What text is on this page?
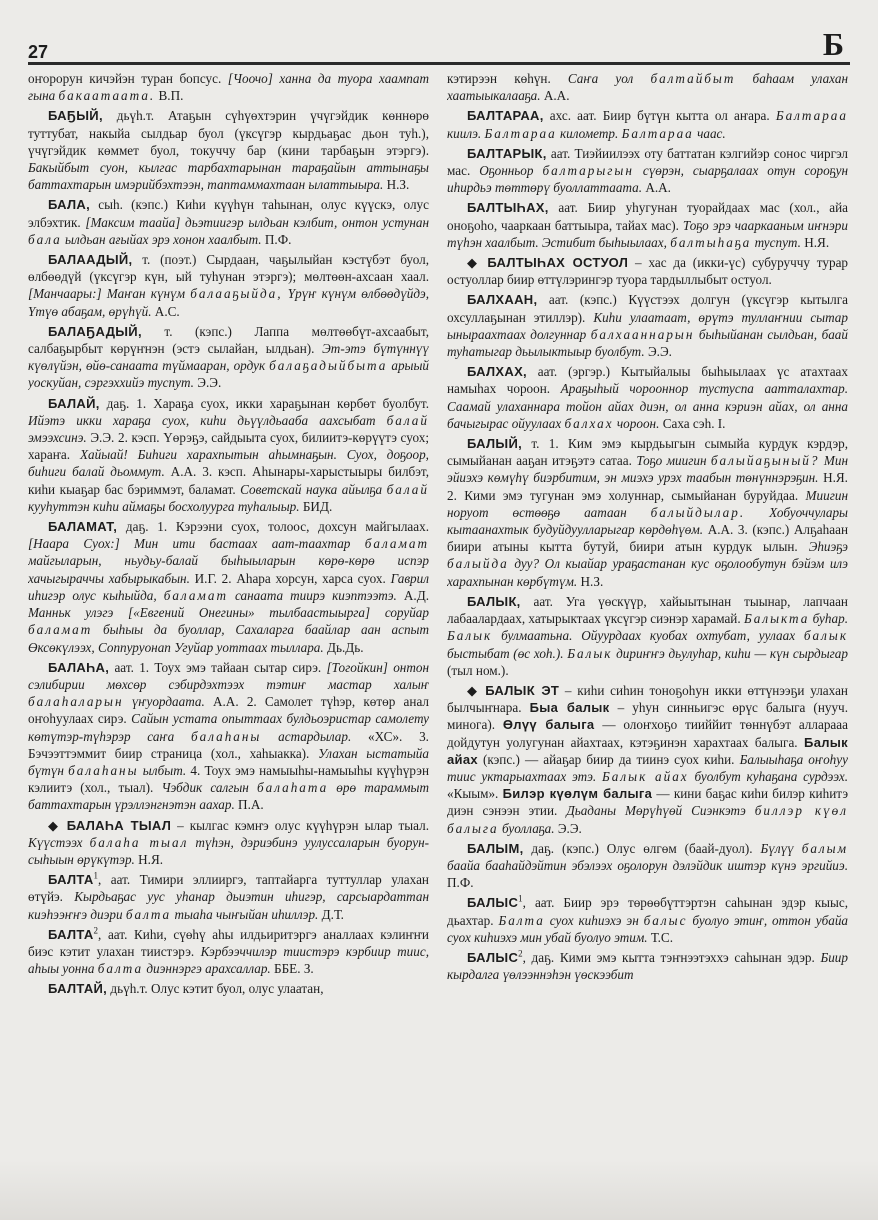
27	Б

оҥорорун кичэйэн туран бопсус. [Чоочо] ханна да туора хаампат гына бакаатаата. В.П.

БАҔЫЙ, дьүһ.т. Атаҕын сүһүөхтэрин үчүгэйдик көннөрө туттубат, накыйа сылдьар буол (үксүгэр кырдьаҕас дьон туһ.), үчүгэйдик көммет буол, токуччу бар (кини тарбаҕын этэргэ). Бакыйбыт суон, кылгас тарбахтарынан тараҕайын аттынаҕы баттахтарын имэрийбэхтээн, таптаммахтаан ылаттыыра. Н.З.

БАЛА, сыһ. (кэпс.) Киһи күүһүн таһынан, олус күүскэ, олус элбэхтик. [Максим таайа] дьэтиигэр ылдьан кэлбит, онтон устунан бала ылдьан ағыйах эрэ хонон хаалбыт. П.Ф.

БАЛААДЫЙ, т. (поэт.) Сырдаан, чаҕылыйан кэстүбэт буол, өлбөөдүй (үксүгэр күн, ый туһунан этэргэ); мөлтөөн-ахсаан хаал. [Манчаары:] Маҥан күнүм балааҕыйда, Үрүҥ күнүм өлбөөдүйдэ, Үтүө абаҕам, өрүһүй. А.С.

БАЛАҔАДЫЙ, т. (кэпс.) Лаппа мөлтөөбүт-ахсаабыт, салбаҕырбыт көрүҥнэн (эстэ сылайан, ылдьан). Эт-этэ бүтүннүү күөлүйэн, өйө-санаата түймааран, ордук балаҕадыйбыта арыый уоскуйан, сэргэххийэ туспут. Э.Э.

БАЛАЙ, даҕ. 1. Хараҕа суох, икки хараҕынан көрбөт буолбут. Ийэтэ икки хараҕа суох, киһи дьүүлдьааба аахсыбат балай эмээхсинэ. Э.Э. 2. кэсп. Үөрэҕэ, сайдыыта суох, билиитэ-көрүүтэ суох; хараҥа. Хайыай! Биһиги харахпытын аһымнаҕын. Суох, доҕоор, биһиги балай дьоммут. А.А. 3. кэсп. Аһынары-харыстыыры билбэт, киһи кыаҕар бас бэриммэт, баламат. Советскай наука айылҕа балай кууһуттэн киһи аймаҕы босхолуурга туһалыыр. БИД.

БАЛАМАТ, даҕ. 1. Кэрээни суох, толоос, дохсун майгылаах. [Наара Суох:] Мин ити бастаах аат-таахтар баламат майгыларын, ньудьу-балай быһыыларын көрө-көрө испэр хачыгыраччы хабырыкабын. И.Г. 2. Аһара хорсун, харса суох. Гаврил иһигэр олус кыһыйда, баламат санаата тиирэ киэптээтэ. А.Д. Манньк улэгэ [«Евгений Онегины» тылбаастыырга] соруйар баламат быһыы да буоллар, Сахаларга баайлар аан аспыт Өксөкүлээх, Соппуруонап Угуйар уоттаах тыллара. Дь.Дь.

БАЛАҺА, аат. 1. Тоух эмэ тайаан сытар сирэ. [Тогойкин] онтон сэлибирии мөхсөр сэбирдэхтээх тэтиҥ мастар халыҥ балаһаларын үҥуордаата. А.А. 2. Самолет түһэр, көтөр анал оҥоһуулаах сирэ. Сайын устата опыттаах булдьоэристар самолету көтүтэр-түһэрэр саҥа балаһаны астардылар. «ХС». 3. Бэчээттэммит биир страница (хол., хаһыакка). Улахан ыстатыйа бүтүн балаһаны ылбыт. 4. Тоух эмэ намыыһы-намыыһы күүһүрэн кэлиитэ (хол., тыал). Чэбдик салгын балаһата өрө тараммыт баттахтарын үрэллэнгнэтэн аахар. П.А.

◆ БАЛАҺА ТЫАЛ – кылгас кэмҥэ олус күүһүрэн ылар тыал. Күүстээх балаһа тыал түһэн, дэриэбинэ уулуссаларын буорун-сыһыын өрүкүтэр. Н.Я.

БАЛТА$^1$, аат. Тимири эллииргэ, таптайарга туттуллар улахан өтүйэ. Кырдьаҕас уус уһанар дьиэтин иһигэр, сарсыардаттан киэһээҥҥэ диэри балта тыаһа чыҥыйан иһиллэр. Д.Т.

БАЛТА$^2$, аат. Киһи, сүөһү аһы илдьиритэргэ аналлаах кэлиҥҥи биэс кэтит улахан тиистэрэ. Кэрбээччилэр тиистэрэ кэрбиир тиис, аһыы уонна балта диэннэргэ арахсаллар. ББЕ. З.

БАЛТАЙ, дьүһ.т. Олус кэтит буол, олус улаатан,

кэтирээн көһүн. Саҥа уол балтайбыт баһаам улахан хаатыыкалааҕа. А.А.

БАЛТАРАА, ахс. аат. Биир бүтүн кытта ол аҥара. Балтараа киилэ. Балтараа километр. Балтараа чаас.

БАЛТАРЫК, аат. Тиэйиилээх оту баттатан кэлгийэр сонос чиргэл мас. Оҕонньор балтарыгын сүөрэн, сыарҕалаах отун сороҕун иһирдьэ төттөрү буоллаттаата. А.А.

БАЛТЫҺАХ, аат. Биир уһугунан туорайдаах мас (хол., айа оноҕоһо, чааркаан баттыыра, тайах мас). Тоҕо эрэ чааркааным иҥнэри түһэн хаалбыт. Эстибит быһыылаах, балтыһаҕа туспут. Н.Я.

◆ БАЛТЫҺАХ ОСТУОЛ – хас да (икки-үс) субуруччу турар остуоллар биир өттүлэрингэр туора тардыллыбыт остуол.

БАЛХААН, аат. (кэпс.) Күүстээх долгун (үксүгэр кытылга охсуллаҕынан этиллэр). Киһи улаатаат, өрүтэ туллаҥнии сытар ыныраахтаах долгуннар балхааннарын быһыйанан сылдьан, баай туһатыгар дьылыктыыр буолбут. Э.Э.

БАЛХАХ, аат. (эргэр.) Кытыйалыы быһыылаах үс атахтаах намыһах чороон. Араҕыһый чорооннор тустуспа аатталахтар. Саамай улаханнара тойон айах диэн, ол анна кэриэн айах, ол анна бачыгырас ойуулаах балхах чороон. Саха сэһ. I.

БАЛЫЙ, т. 1. Ким эмэ кырдьыгын сымыйа курдук кэрдэр, сымыйанан ааҕан итэҕэтэ сатаа. Тоҕо миигин балыйаҕыный? Мин эйиэхэ көмүһү биэрбитим, эн миэхэ урэх таабын төнүннэрэҕин. Н.Я. 2. Кими эмэ тугунан эмэ холуннар, сымыйанан буруйдаа. Миигин норуот өстөөҕө аатаан балыйдылар. Хобуоччулары кытаанахтык бyдуйдуулларыгар көрдөһүөм. А.А. 3. (кэпс.) Алҕаһаан биири атыны кытта бутуй, биири атын курдук ылын. Эһиэҕэ балыйда дуу? Ол кыайар ураҕастанан кус оҕолообутун бэйэм илэ харахпынан көрбүтүм. Н.З.

БАЛЫК, аат. Уга үөскүүр, хайыытынан тыынар, лапчаан лабаалардаах, хатырыктаах үксүгэр сиэнэр харамай. Балыкта буһар. Балык булмаатьна. Ойуурдаах куобах охтубат, уулаах балык быстыбат (өс хоһ.). Балык дириҥҥэ дьулуһар, киһи — күн сырдыгар (тыл ном.).

◆ БАЛЫК ЭТ – киһи сиһин тоноҕоһун икки өттүнээҕи улахан былчыҥнара. Быа балык – уһун синньигэс өрүс балыга (нууч. минога). Өлүү балыга — олоҥхоҕо тииййит төннүбэт алларааа дойдутун уолугунан айахтаах, кэтэҕинэн харахтаах балыга. Балык айах (кэпс.) — айаҕар биир да тиинэ суох киһи. Балыыһаҕа оҥоһуу тиис уктарыахтаах этэ. Балык айах буолбут куһаҕана сурдээх. «Кыым». Билэр күөлүм балыга — кини баҕас киһи билэр киһитэ диэн сэнээн этии. Дьаданы Мөрүһүөй Сиэнкэтэ биллэр күөл балыга буоллаҕа. Э.Э.

БАЛЫМ, даҕ. (кэпс.) Олус өлгөм (баай-дуол). Бүлүү балым баайа бааһайдэйтин эбэлээх оҕолорун дэлэйдик иштэр күнэ эргийиэ. П.Ф.

БАЛЫС$^1$, аат. Биир эрэ төрөөбүттэртэн саһынан эдэр кыыс, дьахтар. Балта суох киһиэхэ эн балыс буолуо этиҥ, оттон убайа суох киһиэхэ мин убай буолуо этим. Т.С.

БАЛЫС$^2$, даҕ. Кими эмэ кытта тэҥнээтэххэ саһынан эдэр. Биир кырдалга үөлээннэһэн үөскээбит
